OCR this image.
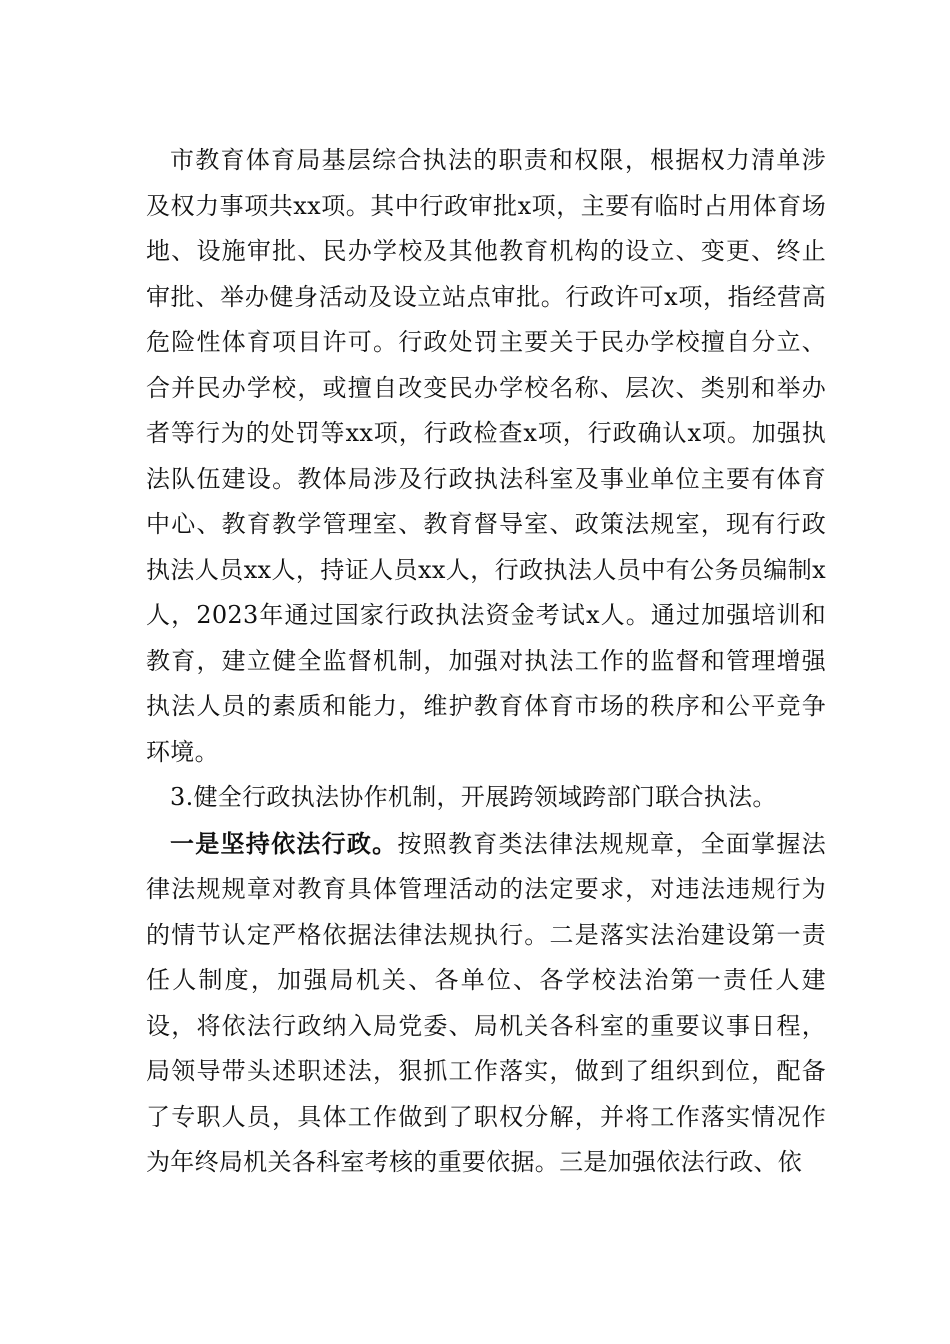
市教育体育局基层综合执法的职责和权限，根据权力清单涉及权力事项共xx项。其中行政审批x项，主要有临时占用体育场地、设施审批、民办学校及其他教育机构的设立、变更、终止审批、举办健身活动及设立站点审批。行政许可x项，指经营高危险性体育项目许可。行政处罚主要关于民办学校擅自分立、合并民办学校，或擅自改变民办学校名称、层次、类别和举办者等行为的处罚等xx项，行政检查x项，行政确认x项。加强执法队伍建设。教体局涉及行政执法科室及事业单位主要有体育中心、教育教学管理室、教育督导室、政策法规室，现有行政执法人员xx人，持证人员xx人，行政执法人员中有公务员编制x人，2023年通过国家行政执法资金考试x人。通过加强培训和教育，建立健全监督机制，加强对执法工作的监督和管理增强执法人员的素质和能力，维护教育体育市场的秩序和公平竞争环境。

3.健全行政执法协作机制，开展跨领域跨部门联合执法。

一是坚持依法行政。按照教育类法律法规规章，全面掌握法律法规规章对教育具体管理活动的法定要求，对违法违规行为的情节认定严格依据法律法规执行。二是落实法治建设第一责任人制度，加强局机关、各单位、各学校法治第一责任人建设，将依法行政纳入局党委、局机关各科室的重要议事日程，局领导带头述职述法，狠抓工作落实，做到了组织到位，配备了专职人员，具体工作做到了职权分解，并将工作落实情况作为年终局机关各科室考核的重要依据。三是加强依法行政、依
